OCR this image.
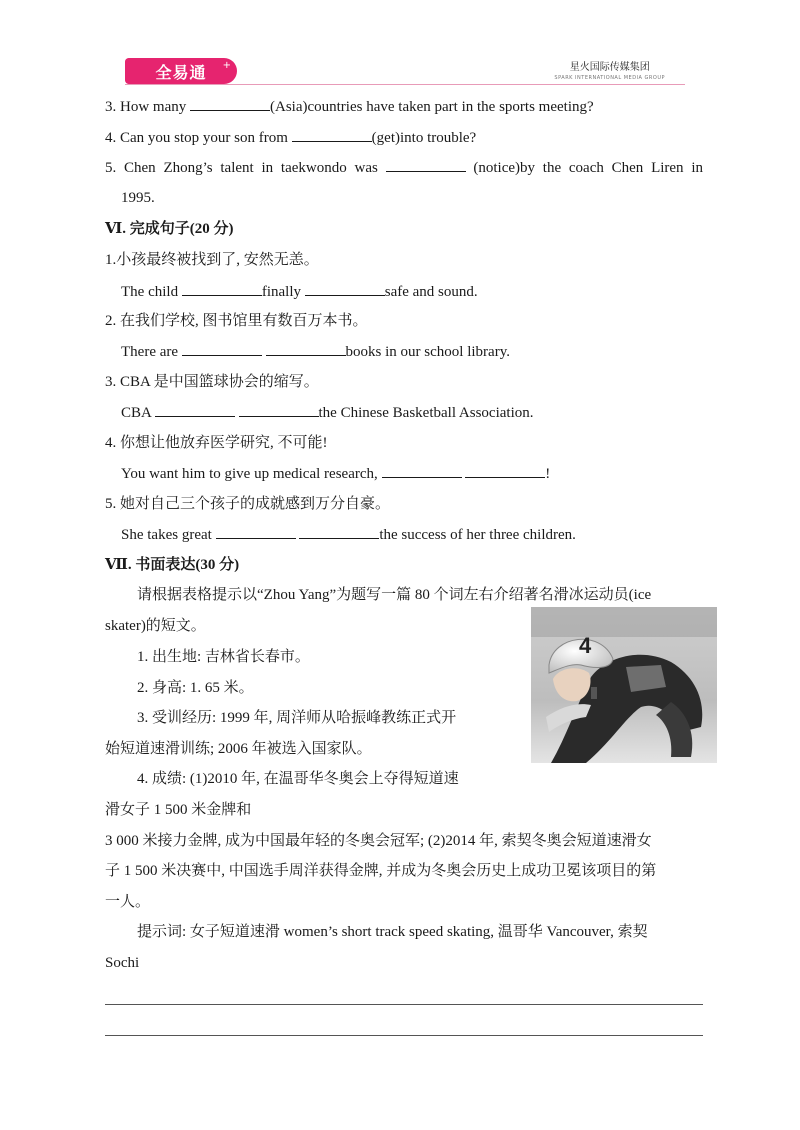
全易通 +	星火国际传媒集团
SPARK INTERNATIONAL MEDIA GROUP
3. How many	(Asia)countries have taken part in the sports meeting?
4. Can you stop your son from	(get)into trouble?
5. Chen Zhong’s talent in taekwondo was	(notice)by the coach Chen Liren in
1995.
Ⅵ. 完成句子(20 分)
1.小孩最终被找到了, 安然无恙。
The child	finally	safe and sound.
2. 在我们学校, 图书馆里有数百万本书。
There are	books in our school library.
3. CBA 是中国篮球协会的缩写。
CBA	the Chinese Basketball Association.
4. 你想让他放弃医学研究, 不可能!
You want him to give up medical research,	!
5. 她对自己三个孩子的成就感到万分自豪。
She takes great	the success of her three children.
Ⅶ. 书面表达(30 分)
请根据表格提示以“Zhou Yang”为题写一篇 80 个词左右介绍著名滑冰运动员(ice
skater)的短文。
1. 出生地: 吉林省长春市。
2. 身高: 1. 65 米。
3. 受训经历: 1999 年, 周洋师从哈振峰教练正式开
始短道速滑训练; 2006 年被选入国家队。
4. 成绩: (1)2010 年, 在温哥华冬奥会上夺得短道速
滑女子 1 500 米金牌和
3 000 米接力金牌, 成为中国最年轻的冬奥会冠军; (2)2014 年, 索契冬奥会短道速滑女
子 1 500 米决赛中, 中国选手周洋获得金牌, 并成为冬奥会历史上成功卫冕该项目的第
一人。
提示词: 女子短道速滑 women’s short track speed skating, 温哥华 Vancouver, 索契
Sochi
4
